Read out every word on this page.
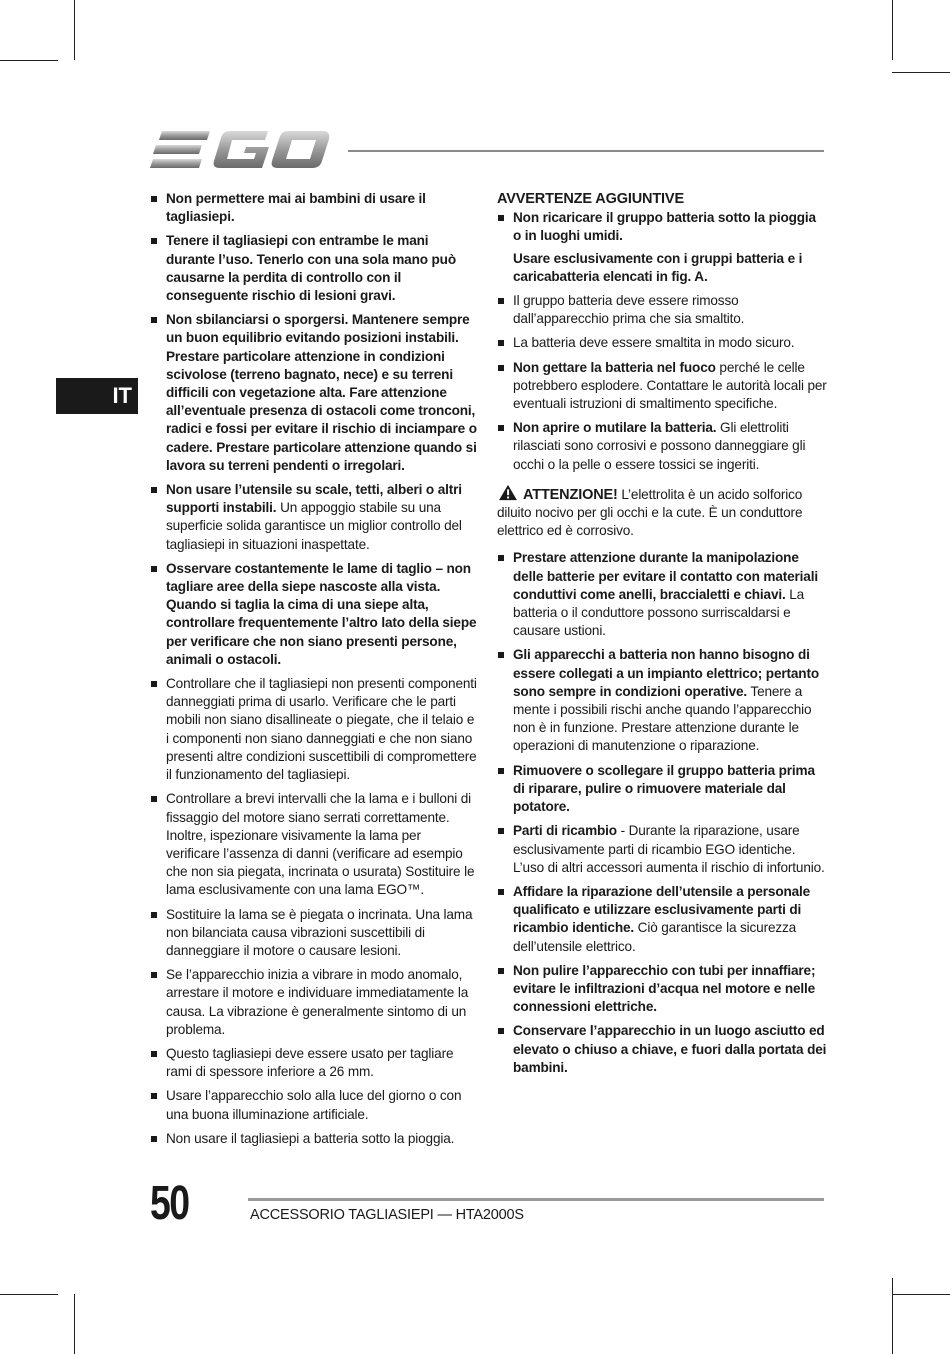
IT
Non permettere mai ai bambini di usare il tagliasiepi.
Tenere il tagliasiepi con entrambe le mani durante l’uso. Tenerlo con una sola mano può causarne la perdita di controllo con il conseguente rischio di lesioni gravi.
Non sbilanciarsi o sporgersi. Mantenere sempre un buon equilibrio evitando posizioni instabili. Prestare particolare attenzione in condizioni scivolose (terreno bagnato, nece) e su terreni difficili con vegetazione alta. Fare attenzione all’eventuale presenza di ostacoli come tronconi, radici e fossi per evitare il rischio di inciampare o cadere. Prestare particolare attenzione quando si lavora su terreni pendenti o irregolari.
Non usare l’utensile su scale, tetti, alberi o altri supporti instabili. Un appoggio stabile su una superficie solida garantisce un miglior controllo del tagliasiepi in situazioni inaspettate.
Osservare costantemente le lame di taglio – non tagliare aree della siepe nascoste alla vista. Quando si taglia la cima di una siepe alta, controllare frequentemente l’altro lato della siepe per verificare che non siano presenti persone, animali o ostacoli.
Controllare che il tagliasiepi non presenti componenti danneggiati prima di usarlo. Verificare che le parti mobili non siano disallineate o piegate, che il telaio e i componenti non siano danneggiati e che non siano presenti altre condizioni suscettibili di compromettere il funzionamento del tagliasiepi.
Controllare a brevi intervalli che la lama e i bulloni di fissaggio del motore siano serrati correttamente. Inoltre, ispezionare visivamente la lama per verificare l’assenza di danni (verificare ad esempio che non sia piegata, incrinata o usurata) Sostituire le lama esclusivamente con una lama EGO™.
Sostituire la lama se è piegata o incrinata. Una lama non bilanciata causa vibrazioni suscettibili di danneggiare il motore o causare lesioni.
Se l’apparecchio inizia a vibrare in modo anomalo, arrestare il motore e individuare immediatamente la causa. La vibrazione è generalmente sintomo di un problema.
Questo tagliasiepi deve essere usato per tagliare rami di spessore inferiore a 26 mm.
Usare l’apparecchio solo alla luce del giorno o con una buona illuminazione artificiale.
Non usare il tagliasiepi a batteria sotto la pioggia.
AVVERTENZE AGGIUNTIVE
Non ricaricare il gruppo batteria sotto la pioggia o in luoghi umidi.

Usare esclusivamente con i gruppi batteria e i caricabatteria elencati in fig. A.

Il gruppo batteria deve essere rimosso dall’apparecchio prima che sia smaltito.
La batteria deve essere smaltita in modo sicuro.
Non gettare la batteria nel fuoco perché le celle potrebbero esplodere. Contattare le autorità locali per eventuali istruzioni di smaltimento specifiche.
Non aprire o mutilare la batteria. Gli elettroliti rilasciati sono corrosivi e possono danneggiare gli occhi o la pelle o essere tossici se ingeriti.
ATTENZIONE! L’elettrolita è un acido solforico diluito nocivo per gli occhi e la cute. È un conduttore elettrico ed è corrosivo.
Prestare attenzione durante la manipolazione delle batterie per evitare il contatto con materiali conduttivi come anelli, braccialetti e chiavi. La batteria o il conduttore possono surriscaldarsi e causare ustioni.
Gli apparecchi a batteria non hanno bisogno di essere collegati a un impianto elettrico; pertanto sono sempre in condizioni operative. Tenere a mente i possibili rischi anche quando l’apparecchio non è in funzione. Prestare attenzione durante le operazioni di manutenzione o riparazione.
Rimuovere o scollegare il gruppo batteria prima di riparare, pulire o rimuovere materiale dal potatore.
Parti di ricambio - Durante la riparazione, usare esclusivamente parti di ricambio EGO identiche. L’uso di altri accessori aumenta il rischio di infortunio.
Affidare la riparazione dell’utensile a personale qualificato e utilizzare esclusivamente parti di ricambio identiche. Ciò garantisce la sicurezza dell’utensile elettrico.
Non pulire l’apparecchio con tubi per innaffiare; evitare le infiltrazioni d’acqua nel motore e nelle connessioni elettriche.
Conservare l’apparecchio in un luogo asciutto ed elevato o chiuso a chiave, e fuori dalla portata dei bambini.
50	ACCESSORIO TAGLIASIEPI — HTA2000S
